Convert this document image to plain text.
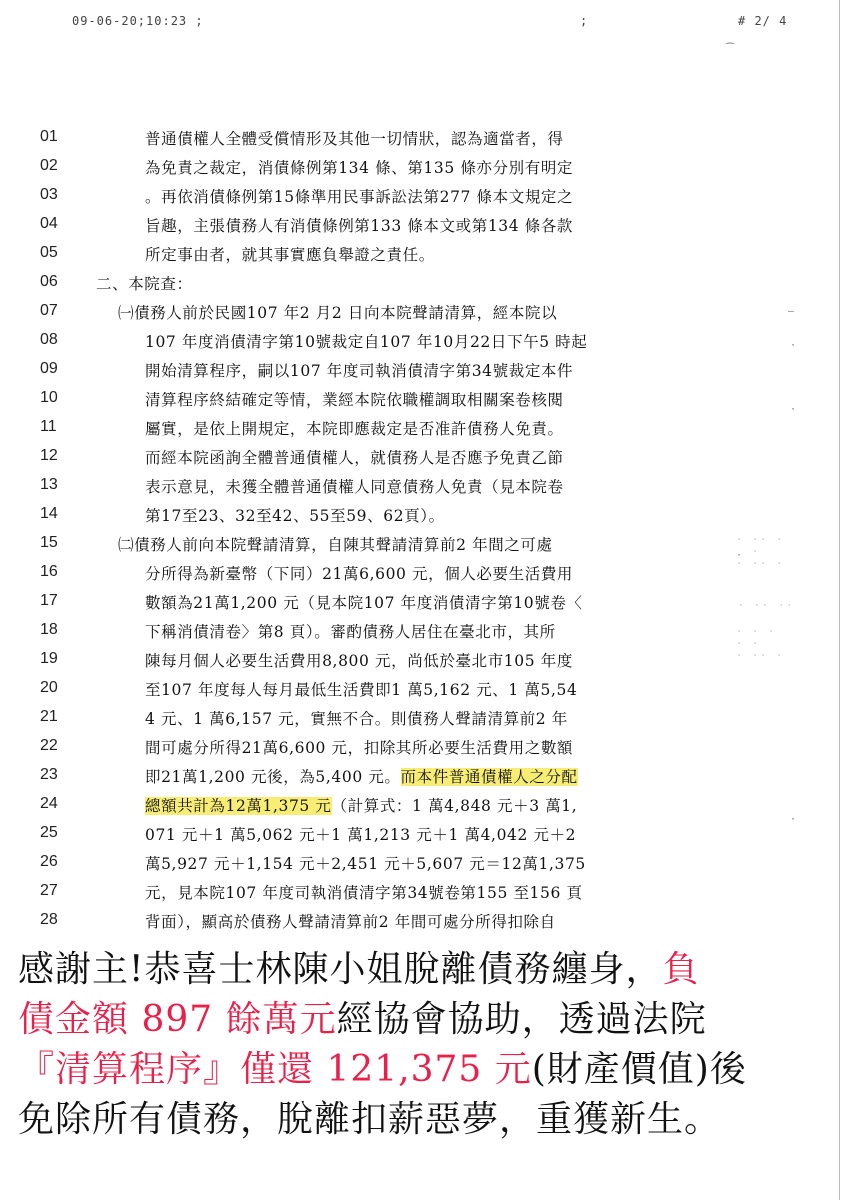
09-06-20;10:23 ;	;	# 2/ 4
⁀
—
·
·
˙ ˙˙ ˙
· ˙
˙ ˙˙ ˙
˙ ˙˙ ˙˙
˙ ˙ ˙
˙ ˙
˙ ˙˙ ˙
·
01	普通債權人全體受償情形及其他一切情狀，認為適當者，得
02	為免責之裁定，消債條例第134 條、第135 條亦分別有明定
03	。再依消債條例第15條準用民事訴訟法第277 條本文規定之
04	旨趣，主張債務人有消債條例第133 條本文或第134 條各款
05	所定事由者，就其事實應負舉證之責任。
06	二、本院查：
07	㈠債務人前於民國107 年2 月2 日向本院聲請清算，經本院以
08	107 年度消債清字第10號裁定自107 年10月22日下午5 時起
09	開始清算程序，嗣以107 年度司執消債清字第34號裁定本件
10	清算程序終結確定等情，業經本院依職權調取相關案卷核閱
11	屬實，是依上開規定，本院即應裁定是否准許債務人免責。
12	而經本院函詢全體普通債權人，就債務人是否應予免責乙節
13	表示意見，未獲全體普通債權人同意債務人免責（見本院卷
14	第17至23、32至42、55至59、62頁）。
15	㈡債務人前向本院聲請清算，自陳其聲請清算前2 年間之可處
16	分所得為新臺幣（下同）21萬6,600 元，個人必要生活費用
17	數額為21萬1,200 元（見本院107 年度消債清字第10號卷〈
18	下稱消債清卷〉第8 頁）。審酌債務人居住在臺北市，其所
19	陳每月個人必要生活費用8,800 元，尚低於臺北市105 年度
20	至107 年度每人每月最低生活費即1 萬5,162 元、1 萬5,54
21	4 元、1 萬6,157 元，實無不合。則債務人聲請清算前2 年
22	間可處分所得21萬6,600 元，扣除其所必要生活費用之數額
23	即21萬1,200 元後，為5,400 元。而本件普通債權人之分配
24	總額共計為12萬1,375 元（計算式：1 萬4,848 元＋3 萬1,
25	071 元＋1 萬5,062 元＋1 萬1,213 元＋1 萬4,042 元＋2
26	萬5,927 元＋1,154 元＋2,451 元＋5,607 元＝12萬1,375
27	元，見本院107 年度司執消債清字第34號卷第155 至156 頁
28	背面），顯高於債務人聲請清算前2 年間可處分所得扣除自
感謝主!恭喜士林陳小姐脫離債務纏身，負
債金額 897 餘萬元經協會協助，透過法院
『清算程序』僅還 121,375 元(財產價值)後
免除所有債務，脫離扣薪惡夢，重獲新生。
